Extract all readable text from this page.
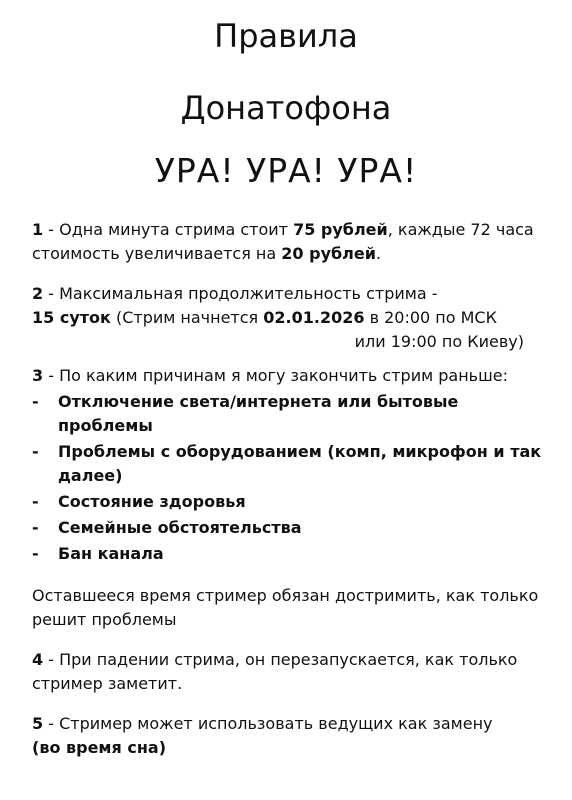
Правила
Донатофона
УРА! УРА! УРА!

1 - Одна минута стрима стоит 75 рублей, каждые 72 часа стоимость увеличивается на 20 рублей.

2 - Максимальная продолжительность стрима -
15 суток (Стрим начнется 02.01.2026 в 20:00 по МСК

или 19:00 по Киеву)

3 - По каким причинам я могу закончить стрим раньше:

- Отключение света/интернета или бытовые проблемы
- Проблемы с оборудованием (комп, микрофон и так далее)
- Состояние здоровья
- Семейные обстоятельства
- Бан канала

Оставшееся время стример обязан достримить, как только решит проблемы

4 - При падении стрима, он перезапускается, как только стример заметит.

5 - Стример может использовать ведущих как замену
(во время сна)
